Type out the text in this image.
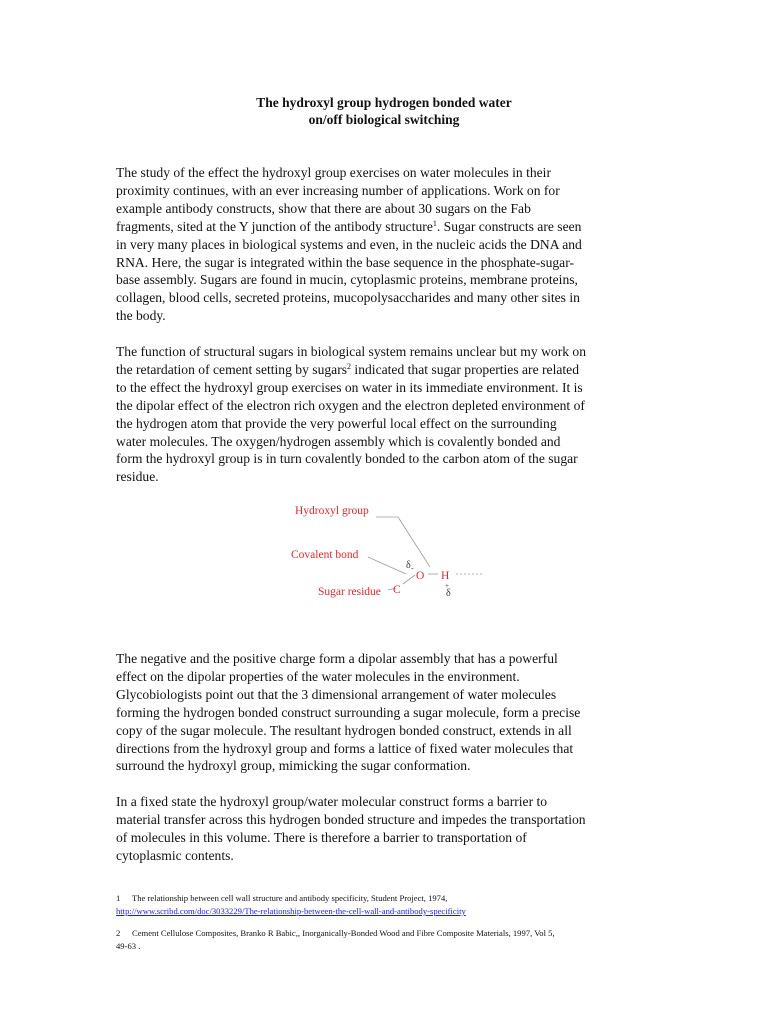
The hydroxyl group hydrogen bonded water
on/off biological switching

The study of the effect the hydroxyl group exercises on water molecules in their
proximity continues, with an ever increasing number of applications. Work on for
example antibody constructs, show that there are about 30 sugars on the Fab
fragments, sited at the Y junction of the antibody structure$^1$. Sugar constructs are seen
in very many places in biological systems and even, in the nucleic acids the DNA and
RNA. Here, the sugar is integrated within the base sequence in the phosphate-sugar-
base assembly. Sugars are found in mucin, cytoplasmic proteins, membrane proteins,
collagen, blood cells, secreted proteins, mucopolysaccharides and many other sites in
the body.

The function of structural sugars in biological system remains unclear but my work on
the retardation of cement setting by sugars$^2$ indicated that sugar properties are related
to the effect the hydroxyl group exercises on water in its immediate environment. It is
the dipolar effect of the electron rich oxygen and the electron depleted environment of
the hydrogen atom that provide the very powerful local effect on the surrounding
water molecules. The oxygen/hydrogen assembly which is covalently bonded and
form the hydroxyl group is in turn covalently bonded to the carbon atom of the sugar
residue.

Hydroxyl group
Covalent bond
Sugar residue C
O H
δ -
δ
+

The negative and the positive charge form a dipolar assembly that has a powerful
effect on the dipolar properties of the water molecules in the environment.
Glycobiologists point out that the 3 dimensional arrangement of water molecules
forming the hydrogen bonded construct surrounding a sugar molecule, form a precise
copy of the sugar molecule. The resultant hydrogen bonded construct, extends in all
directions from the hydroxyl group and forms a lattice of fixed water molecules that
surround the hydroxyl group, mimicking the sugar conformation.

In a fixed state the hydroxyl group/water molecular construct forms a barrier to
material transfer across this hydrogen bonded structure and impedes the transportation
of molecules in this volume. There is therefore a barrier to transportation of
cytoplasmic contents.

1 The relationship between cell wall structure and antibody specificity, Student Project, 1974,
http://www.scribd.com/doc/3033229/The-relationship-between-the-cell-wall-and-antibody-specificity
2 Cement Cellulose Composites, Branko R Babic,, Inorganically-Bonded Wood and Fibre Composite Materials, 1997, Vol 5,
49-63 .
